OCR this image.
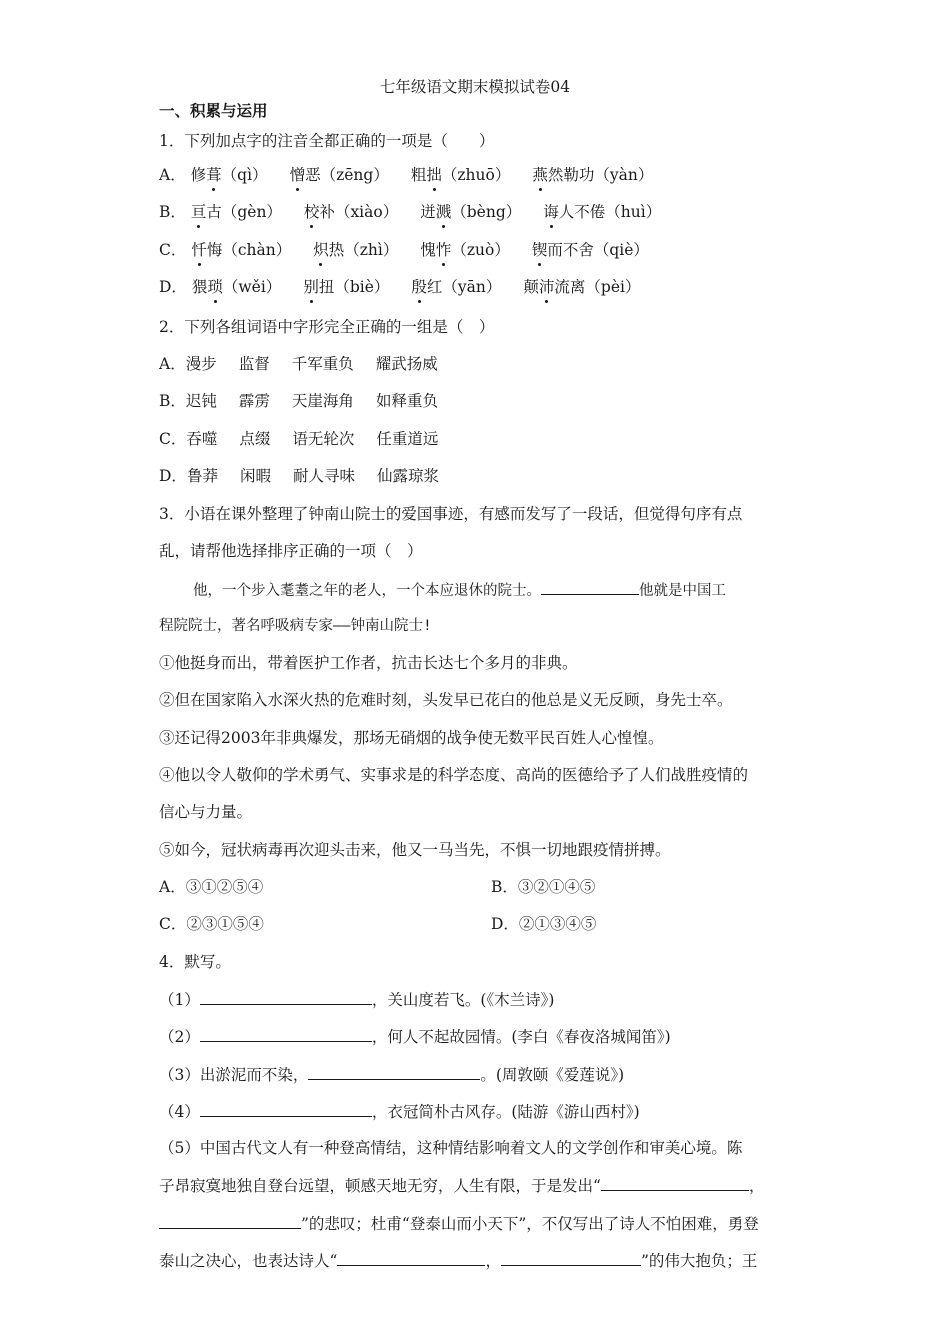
七年级语文期末模拟试卷04
一、积累与运用
1．下列加点字的注音全都正确的一项是（　　）
A． 修葺（qì） 憎恶（zēng） 粗拙（zhuō） 燕然勒功（yàn）
B． 亘古（gèn） 校补（xiào） 迸溅（bèng） 诲人不倦（huì）
C． 忏悔（chàn） 炽热（zhì） 愧怍（zuò） 锲而不舍（qiè）
D． 猥琐（wěi） 别扭（biè） 殷红（yān） 颠沛流离（pèi）
2．下列各组词语中字形完全正确的一组是（　）
A．漫步 监督 千军重负 耀武扬威
B．迟钝 霹雳 天崖海角 如释重负
C．吞噬 点缀 语无轮次 任重道远
D．鲁莽 闲暇 耐人寻味 仙露琼浆
3．小语在课外整理了钟南山院士的爱国事迹，有感而发写了一段话，但觉得句序有点
乱，请帮他选择排序正确的一项（　）
他，一个步入耄耋之年的老人，一个本应退休的院士。	他就是中国工
程院院士，著名呼吸病专家——钟南山院士!
①他挺身而出，带着医护工作者，抗击长达七个多月的非典。
②但在国家陷入水深火热的危难时刻，头发早已花白的他总是义无反顾，身先士卒。
③还记得2003年非典爆发，那场无硝烟的战争使无数平民百姓人心惶惶。
④他以令人敬仰的学术勇气、实事求是的科学态度、高尚的医德给予了人们战胜疫情的
信心与力量。
⑤如今，冠状病毒再次迎头击来，他又一马当先，不惧一切地跟疫情拼搏。
A．③①②⑤④	B．③②①④⑤
C．②③①⑤④	D．②①③④⑤
4．默写。
（1）	，关山度若飞。(《木兰诗》)
（2）	，何人不起故园情。(李白《春夜洛城闻笛》)
（3）出淤泥而不染，	。(周敦颐《爱莲说》)
（4）	，衣冠简朴古风存。(陆游《游山西村》)
（5）中国古代文人有一种登高情结，这种情结影响着文人的文学创作和审美心境。陈
子昂寂寞地独自登台远望，顿感天地无穷，人生有限，于是发出“	，
”的悲叹；杜甫“登泰山而小天下”，不仅写出了诗人不怕困难，勇登
泰山之决心，也表达诗人“	，	”的伟大抱负；王
